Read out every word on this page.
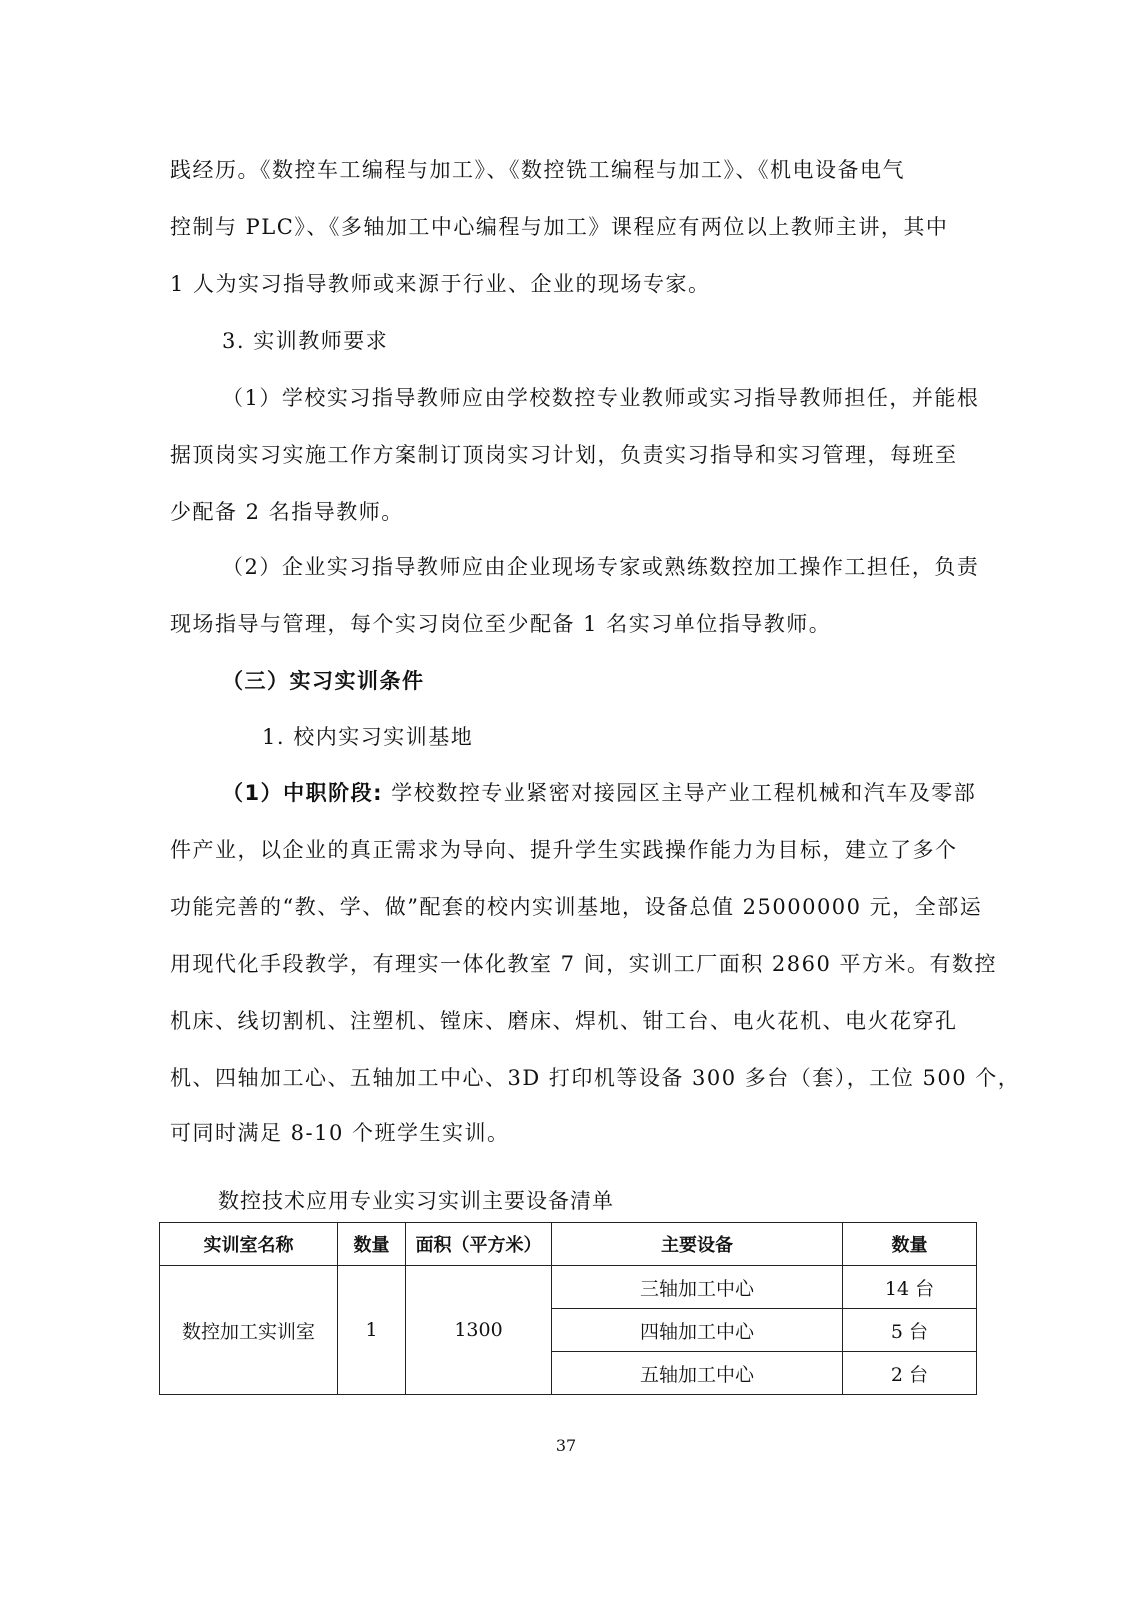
践经历。《数控车工编程与加工》、《数控铣工编程与加工》、《机电设备电气
控制与 PLC》、《多轴加工中心编程与加工》课程应有两位以上教师主讲，其中
1 人为实习指导教师或来源于行业、企业的现场专家。
3. 实训教师要求
（1）学校实习指导教师应由学校数控专业教师或实习指导教师担任，并能根
据顶岗实习实施工作方案制订顶岗实习计划，负责实习指导和实习管理，每班至
少配备 2 名指导教师。
（2）企业实习指导教师应由企业现场专家或熟练数控加工操作工担任，负责
现场指导与管理，每个实习岗位至少配备 1 名实习单位指导教师。
（三）实习实训条件
1. 校内实习实训基地
（1）中职阶段: 学校数控专业紧密对接园区主导产业工程机械和汽车及零部
件产业，以企业的真正需求为导向、提升学生实践操作能力为目标，建立了多个
功能完善的“教、学、做”配套的校内实训基地，设备总值 25000000 元，全部运
用现代化手段教学，有理实一体化教室 7 间，实训工厂面积 2860 平方米。有数控
机床、线切割机、注塑机、镗床、磨床、焊机、钳工台、电火花机、电火花穿孔
机、四轴加工心、五轴加工中心、3D 打印机等设备 300 多台（套），工位 500 个，
可同时满足 8-10 个班学生实训。
数控技术应用专业实习实训主要设备清单
实训室名称	数量	面积（平方米）	主要设备	数量
数控加工实训室	1	1300	三轴加工中心	14 台
			四轴加工中心	5 台
			五轴加工中心	2 台
37
